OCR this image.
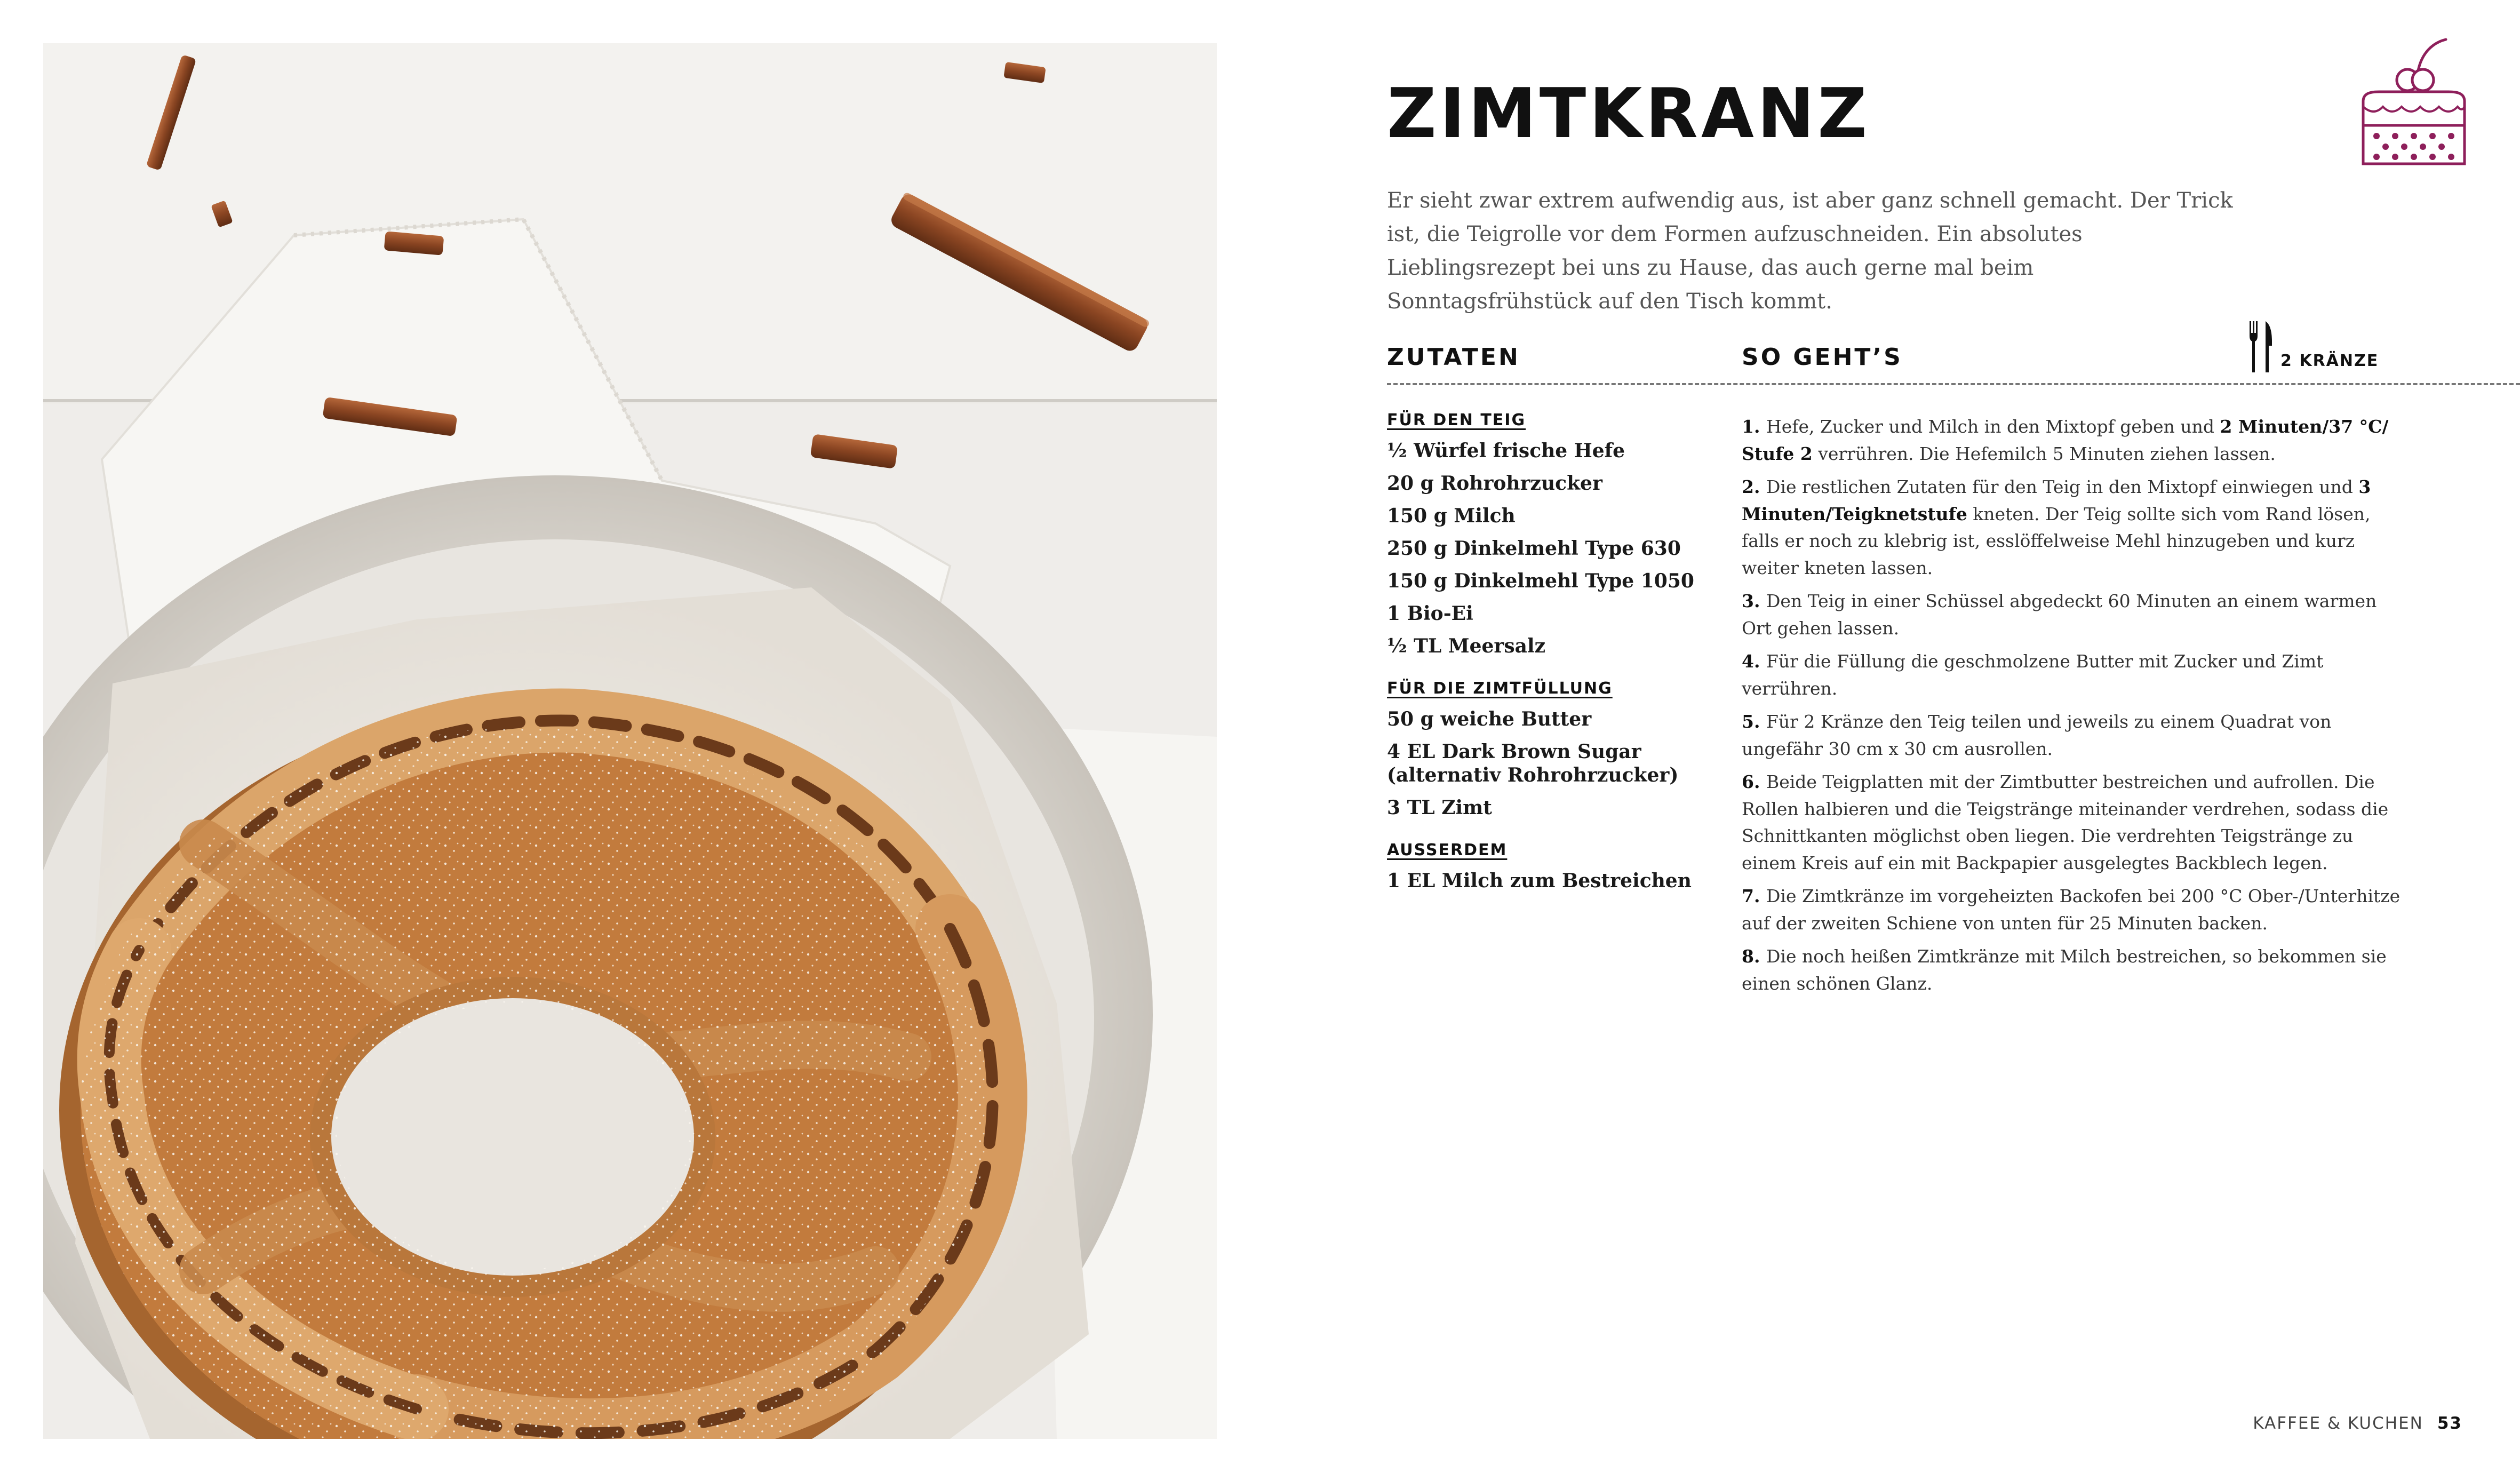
ZIMTKRANZ

Er sieht zwar extrem aufwendig aus, ist aber ganz schnell gemacht. Der Trick ist, die Teigrolle vor dem Formen aufzuschneiden. Ein absolutes Lieblingsrezept bei uns zu Hause, das auch gerne mal beim Sonntagsfrühstück auf den Tisch kommt.

ZUTATEN	SO GEHT’S	2 KRÄNZE
FÜR DEN TEIG
½ Würfel frische Hefe
20 g Rohrohrzucker
150 g Milch
250 g Dinkelmehl Type 630
150 g Dinkelmehl Type 1050
1 Bio-Ei
½ TL Meersalz
FÜR DIE ZIMTFÜLLUNG
50 g weiche Butter
4 EL Dark Brown Sugar (alternativ Rohrohrzucker)
3 TL Zimt
AUSSERDEM
1 EL Milch zum Bestreichen

1. Hefe, Zucker und Milch in den Mixtopf geben und 2 Minuten/37 °C/ Stufe 2 verrühren. Die Hefemilch 5 Minuten ziehen lassen.

2. Die restlichen Zutaten für den Teig in den Mixtopf einwiegen und 3 Minuten/Teigknetstufe kneten. Der Teig sollte sich vom Rand lösen, falls er noch zu klebrig ist, esslöffelweise Mehl hinzugeben und kurz weiter kneten lassen.

3. Den Teig in einer Schüssel abgedeckt 60 Minuten an einem warmen Ort gehen lassen.

4. Für die Füllung die geschmolzene Butter mit Zucker und Zimt verrühren.

5. Für 2 Kränze den Teig teilen und jeweils zu einem Quadrat von ungefähr 30 cm x 30 cm ausrollen.

6. Beide Teigplatten mit der Zimtbutter bestreichen und aufrollen. Die Rollen halbieren und die Teigstränge miteinander verdrehen, sodass die Schnittkanten möglichst oben liegen. Die verdrehten Teigstränge zu einem Kreis auf ein mit Backpapier ausgelegtes Backblech legen.

7. Die Zimtkränze im vorgeheizten Backofen bei 200 °C Ober-/Unterhitze auf der zweiten Schiene von unten für 25 Minuten backen.

8. Die noch heißen Zimtkränze mit Milch bestreichen, so bekommen sie einen schönen Glanz.

KAFFEE & KUCHEN 53
